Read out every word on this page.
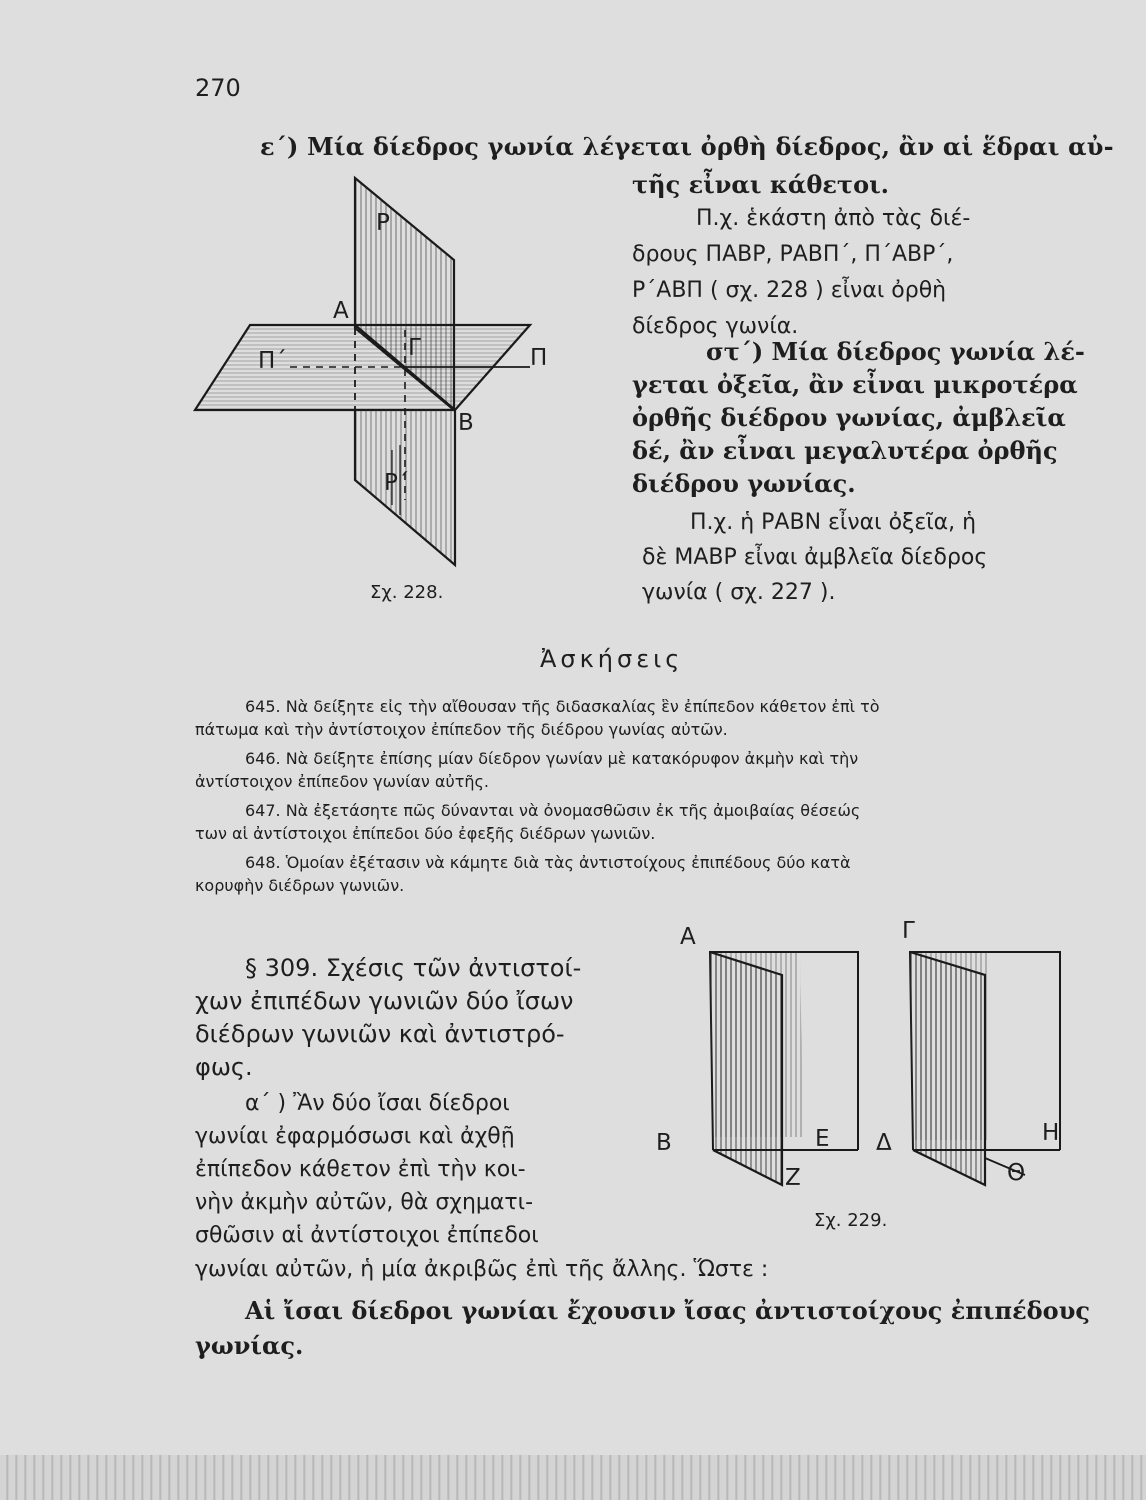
270
ε΄) Μία δίεδρος γωνία λέγεται ὀρθὴ δίεδρος, ἂν αἱ ἕδραι αὐ-
τῆς εἶναι κάθετοι.
Π.χ. ἑκάστη ἀπὸ τὰς διέ-
δρους ΠΑΒΡ, ΡΑΒΠ΄, Π΄ΑΒΡ΄,
Ρ΄ΑΒΠ ( σχ. 228 ) εἶναι ὀρθὴ
δίεδρος γωνία.
στ΄) Μία δίεδρος γωνία λέ-
γεται ὀξεῖα, ἂν εἶναι μικροτέρα
ὀρθῆς διέδρου γωνίας, ἀμβλεῖα
δέ, ἂν εἶναι μεγαλυτέρα ὀρθῆς
διέδρου γωνίας.
Π.χ. ἡ ΡΑΒΝ εἶναι ὀξεῖα, ἡ
δὲ ΜΑΒΡ εἶναι ἀμβλεῖα δίεδρος
γωνία ( σχ. 227 ).
Ρ
Α
Π΄	Γ	Π
Β
Ρ΄
Σχ. 228.
Ἀσκήσεις
645. Νὰ δείξητε εἰς τὴν αἴθουσαν τῆς διδασκαλίας ἓν ἐπίπεδον κάθετον ἐπὶ τὸ
πάτωμα καὶ τὴν ἀντίστοιχον ἐπίπεδον τῆς διέδρου γωνίας αὐτῶν.
646. Νὰ δείξητε ἐπίσης μίαν δίεδρον γωνίαν μὲ κατακόρυφον ἀκμὴν καὶ τὴν
ἀντίστοιχον ἐπίπεδον γωνίαν αὐτῆς.
647. Νὰ ἐξετάσητε πῶς δύνανται νὰ ὀνομασθῶσιν ἐκ τῆς ἀμοιβαίας θέσεώς
των αἱ ἀντίστοιχοι ἐπίπεδοι δύο ἐφεξῆς διέδρων γωνιῶν.
648. Ὁμοίαν ἐξέτασιν νὰ κάμητε διὰ τὰς ἀντιστοίχους ἐπιπέδους δύο κατὰ
κορυφὴν διέδρων γωνιῶν.
§ 309. Σχέσις τῶν ἀντιστοί-
χων ἐπιπέδων γωνιῶν δύο ἴσων
διέδρων γωνιῶν καὶ ἀντιστρό-
φως.
α΄ ) Ἂν δύο ἴσαι δίεδροι
γωνίαι ἐφαρμόσωσι καὶ ἀχθῇ
ἐπίπεδον κάθετον ἐπὶ τὴν κοι-
νὴν ἀκμὴν αὐτῶν, θὰ σχηματι-
σθῶσιν αἱ ἀντίστοιχοι ἐπίπεδοι
γωνίαι αὐτῶν, ἡ μία ἀκριβῶς ἐπὶ τῆς ἄλλης. Ὥστε :
Αἱ ἴσαι δίεδροι γωνίαι ἔχουσιν ἴσας ἀντιστοίχους ἐπιπέδους
γωνίας.
Α	Γ
Β	Ε
Ζ
Δ	Η
Θ
Σχ. 229.
